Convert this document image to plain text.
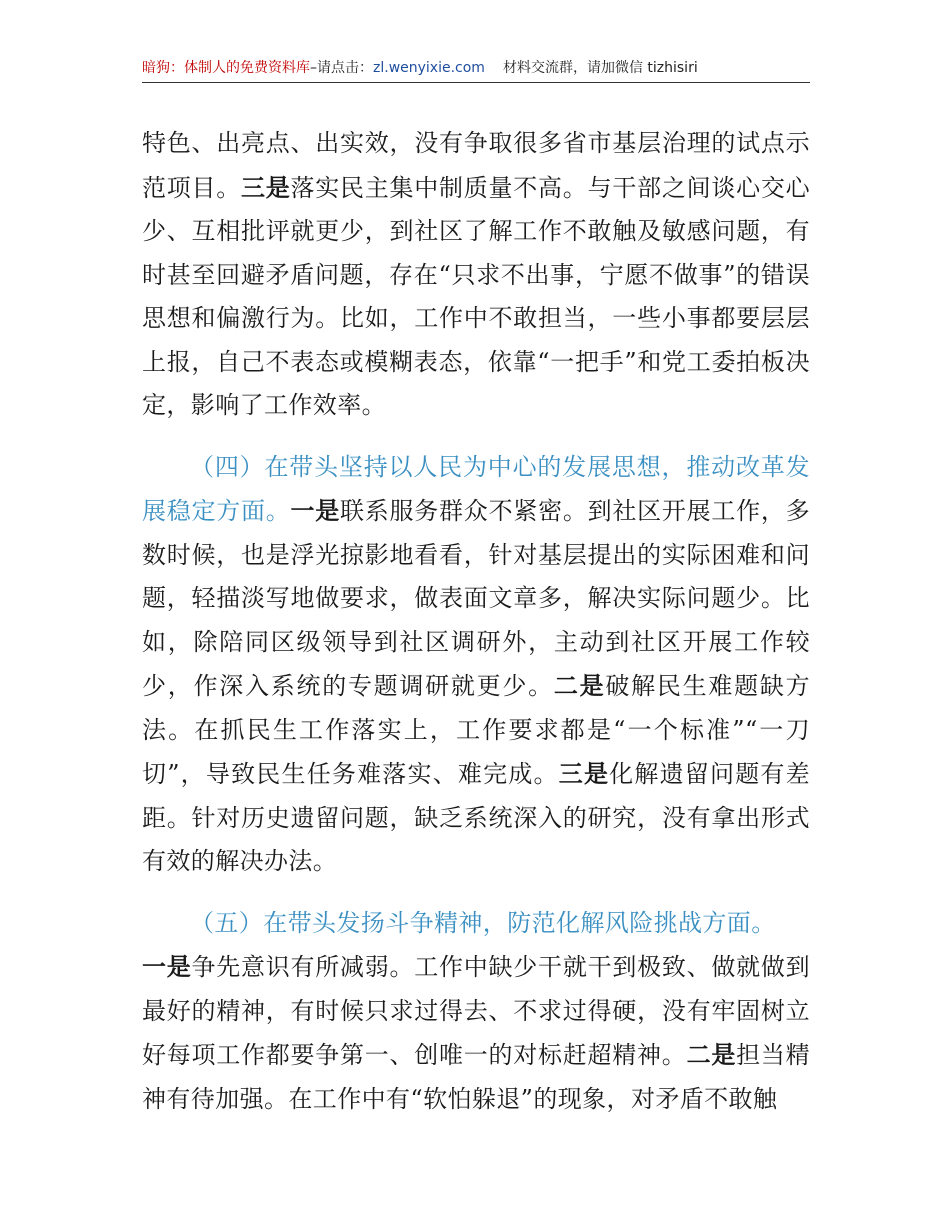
暗狗：体制人的免费资料库–请点击：zl.wenyixie.com 材料交流群，请加微信 tizhisiri

特色、出亮点、出实效，没有争取很多省市基层治理的试点示范项目。三是落实民主集中制质量不高。与干部之间谈心交心少、互相批评就更少，到社区了解工作不敢触及敏感问题，有时甚至回避矛盾问题，存在“只求不出事，宁愿不做事”的错误思想和偏激行为。比如，工作中不敢担当，一些小事都要层层上报，自己不表态或模糊表态，依靠“一把手”和党工委拍板决定，影响了工作效率。

（四）在带头坚持以人民为中心的发展思想，推动改革发展稳定方面。一是联系服务群众不紧密。到社区开展工作，多数时候，也是浮光掠影地看看，针对基层提出的实际困难和问题，轻描淡写地做要求，做表面文章多，解决实际问题少。比如，除陪同区级领导到社区调研外，主动到社区开展工作较少，作深入系统的专题调研就更少。二是破解民生难题缺方法。在抓民生工作落实上，工作要求都是“一个标准”“一刀切”，导致民生任务难落实、难完成。三是化解遗留问题有差距。针对历史遗留问题，缺乏系统深入的研究，没有拿出形式有效的解决办法。

（五）在带头发扬斗争精神，防范化解风险挑战方面。

一是争先意识有所减弱。工作中缺少干就干到极致、做就做到最好的精神，有时候只求过得去、不求过得硬，没有牢固树立好每项工作都要争第一、创唯一的对标赶超精神。二是担当精神有待加强。在工作中有“软怕躲退”的现象，对矛盾不敢触
